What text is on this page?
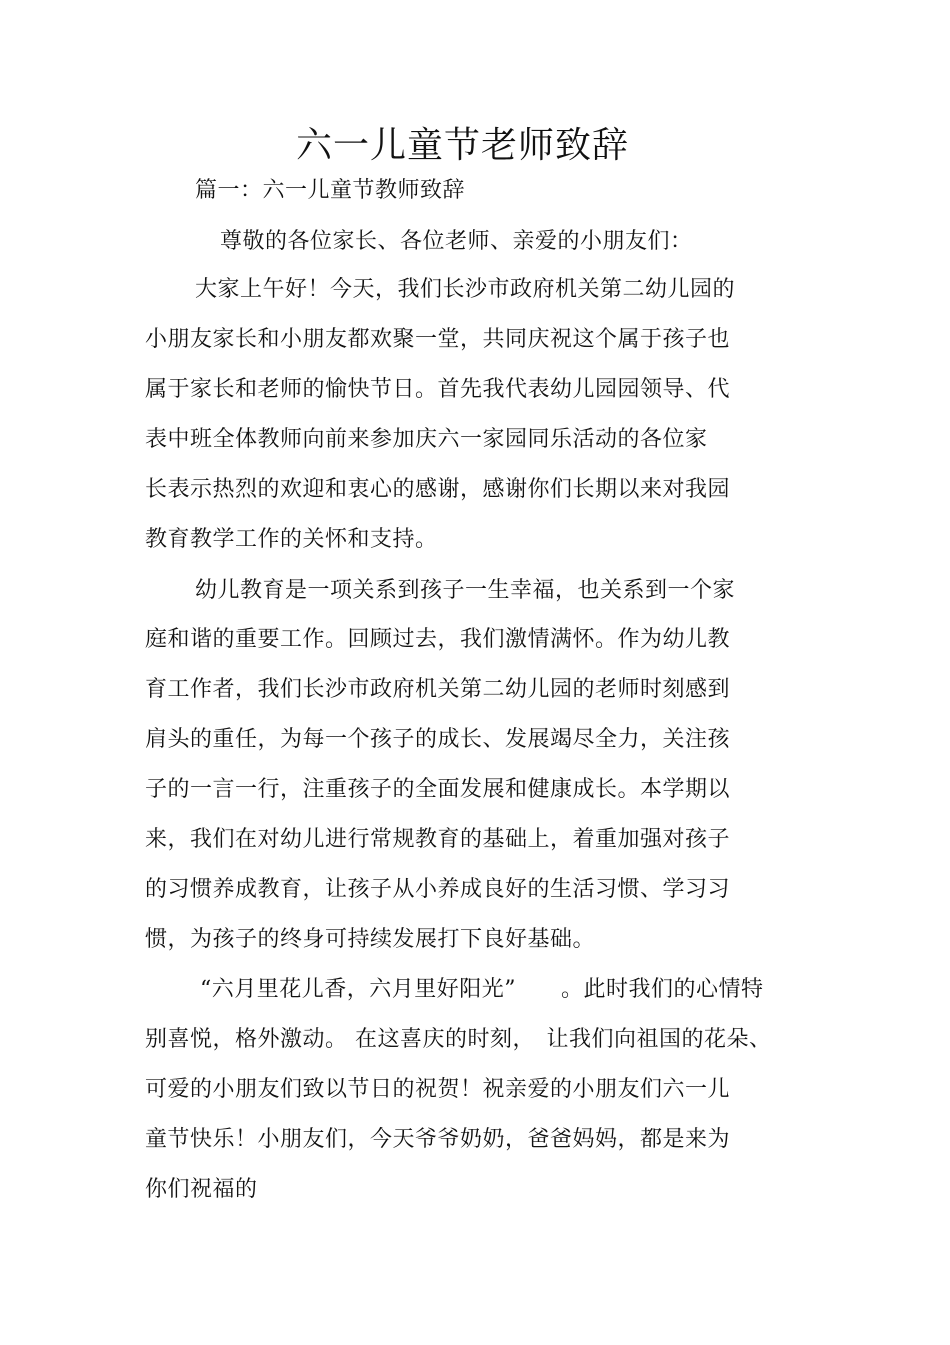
六一儿童节老师致辞
篇一：六一儿童节教师致辞
尊敬的各位家长、各位老师、亲爱的小朋友们：
大家上午好！今天，我们长沙市政府机关第二幼儿园的
小朋友家长和小朋友都欢聚一堂，共同庆祝这个属于孩子也
属于家长和老师的愉快节日。首先我代表幼儿园园领导、代
表中班全体教师向前来参加庆六一家园同乐活动的各位家
长表示热烈的欢迎和衷心的感谢，感谢你们长期以来对我园
教育教学工作的关怀和支持。
幼儿教育是一项关系到孩子一生幸福，也关系到一个家
庭和谐的重要工作。回顾过去，我们激情满怀。作为幼儿教
育工作者，我们长沙市政府机关第二幼儿园的老师时刻感到
肩头的重任，为每一个孩子的成长、发展竭尽全力，关注孩
子的一言一行，注重孩子的全面发展和健康成长。本学期以
来，我们在对幼儿进行常规教育的基础上，着重加强对孩子
的习惯养成教育，让孩子从小养成良好的生活习惯、学习习
惯，为孩子的终身可持续发展打下良好基础。
“六月里花儿香，六月里好阳光”　　。此时我们的心情特
别喜悦，格外激动。 在这喜庆的时刻，　让我们向祖国的花朵、
可爱的小朋友们致以节日的祝贺！祝亲爱的小朋友们六一儿
童节快乐！小朋友们，今天爷爷奶奶，爸爸妈妈，都是来为
你们祝福的
